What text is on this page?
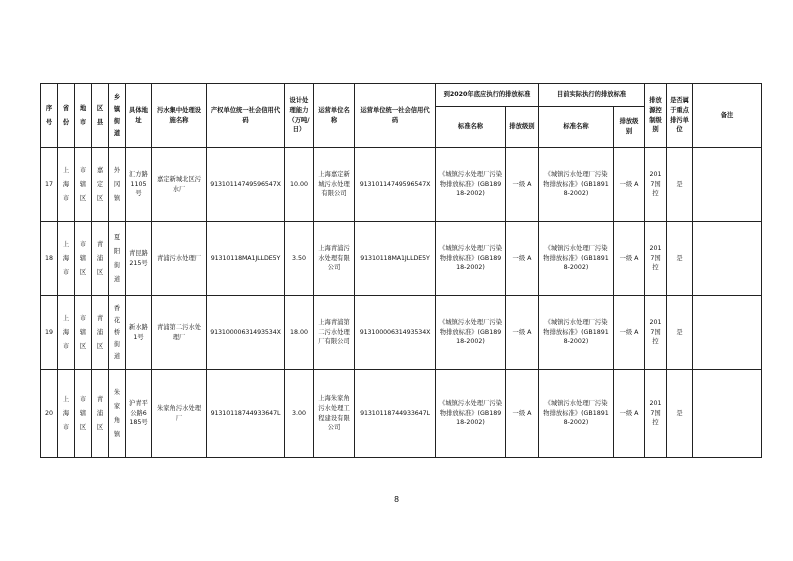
序号	省份	地市	区县	乡镇街道	具体地址	污水集中处理设施名称	产权单位统一社会信用代码	设计处理能力（万吨/日）	运营单位名称	运营单位统一社会信用代码	到2020年底应执行的排放标准		目前实际执行的排放标准		排放源控制级别	是否属于重点排污单位	备注

											标准名称	排放级别	标准名称	排放级别			

17	上海市	市辖区	嘉定区	外冈镇	汇方路1105号	嘉定新城北区污水厂	91310114749596547X	10.00	上海嘉定新城污水处理有限公司	91310114749596547X	《城镇污水处理厂污染物排放标准》(GB18918-2002)	一级 A	《城镇污水处理厂污染物排放标准》(GB18918-2002)	一级 A	2017国控	是	
18	上海市	市辖区	青浦区	夏阳街道	青昆路215号	青浦污水处理厂	91310118MA1JLLDE5Y	3.50	上海青浦污水处理有限公司	91310118MA1JLLDE5Y	《城镇污水处理厂污染物排放标准》(GB18918-2002)	一级 A	《城镇污水处理厂污染物排放标准》(GB18918-2002)	一级 A	2017国控	是	
19	上海市	市辖区	青浦区	香花桥街道	新水路1号	青浦第二污水处理厂	91310000631493534X	18.00	上海青浦第二污水处理厂有限公司	91310000631493534X	《城镇污水处理厂污染物排放标准》(GB18918-2002)	一级 A	《城镇污水处理厂污染物排放标准》(GB18918-2002)	一级 A	2017国控	是	
20	上海市	市辖区	青浦区	朱家角镇	沪青平公路6185号	朱家角污水处理厂	91310118744933647L	3.00	上海朱家角污水处理工程建设有限公司	91310118744933647L	《城镇污水处理厂污染物排放标准》(GB18918-2002)	一级 A	《城镇污水处理厂污染物排放标准》(GB18918-2002)	一级 A	2017国控	是	
8
